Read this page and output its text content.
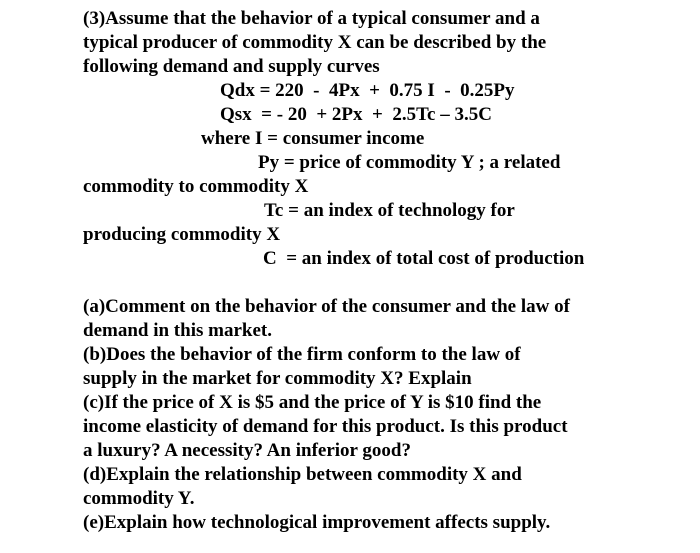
(3)Assume that the behavior of a typical consumer and a
typical producer of commodity X can be described by the
following demand and supply curves
Qdx = 220  -  4Px  +  0.75 I  -  0.25Py
Qsx  = - 20  + 2Px  +  2.5Tc – 3.5C
where I = consumer income
Py = price of commodity Y ; a related
commodity to commodity X
Tc = an index of technology for
producing commodity X
C  = an index of total cost of production
(a)Comment on the behavior of the consumer and the law of
demand in this market.
(b)Does the behavior of the firm conform to the law of
supply in the market for commodity X? Explain
(c)If the price of X is $5 and the price of Y is $10 find the
income elasticity of demand for this product. Is this product
a luxury? A necessity? An inferior good?
(d)Explain the relationship between commodity X and
commodity Y.
(e)Explain how technological improvement affects supply.
